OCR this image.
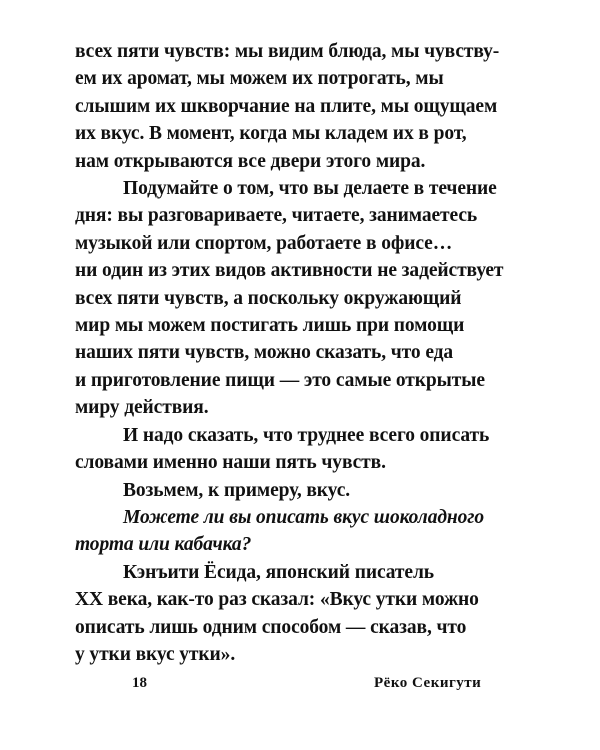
всех пяти чувств: мы видим блюда, мы чувству-
ем их аромат, мы можем их потрогать, мы
слышим их шкворчание на плите, мы ощущаем
их вкус. В момент, когда мы кладем их в рот,
нам открываются все двери этого мира.
Подумайте о том, что вы делаете в течение
дня: вы разговариваете, читаете, занимаетесь
музыкой или спортом, работаете в офисе…
ни один из этих видов активности не задействует
всех пяти чувств, а поскольку окружающий
мир мы можем постигать лишь при помощи
наших пяти чувств, можно сказать, что еда
и приготовление пищи — это самые открытые
миру действия.
И надо сказать, что труднее всего описать
словами именно наши пять чувств.
Возьмем, к примеру, вкус.
Можете ли вы описать вкус шоколадного
торта или кабачка?
Кэнъити Ёсида, японский писатель
XX века, как-то раз сказал: «Вкус утки можно
описать лишь одним способом — сказав, что
у утки вкус утки».
18	Рёко Секигути
